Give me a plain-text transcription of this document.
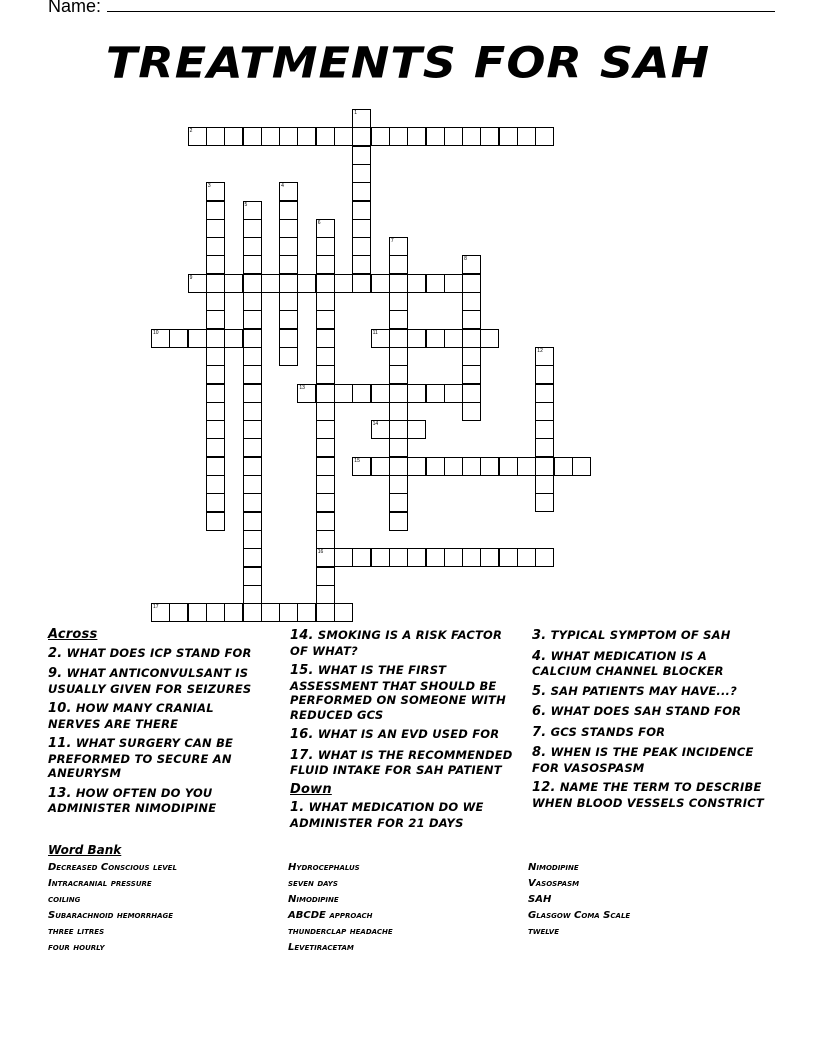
Name:
TREATMENTS FOR SAH
1
3	4
5
6
16
7
8
12
2
9
10	11
13
14
15
17
Across
2. WHAT DOES ICP STAND FOR
9. WHAT ANTICONVULSANT IS USUALLY GIVEN FOR SEIZURES
10. HOW MANY CRANIAL NERVES ARE THERE
11. WHAT SURGERY CAN BE PREFORMED TO SECURE AN ANEURYSM
13. HOW OFTEN DO YOU ADMINISTER NIMODIPINE
14. SMOKING IS A RISK FACTOR OF WHAT?
15. WHAT IS THE FIRST ASSESSMENT THAT SHOULD BE PERFORMED ON SOMEONE WITH REDUCED GCS
16. WHAT IS AN EVD USED FOR
17. WHAT IS THE RECOMMENDED FLUID INTAKE FOR SAH PATIENT
Down
1. WHAT MEDICATION DO WE ADMINISTER FOR 21 DAYS
3. TYPICAL SYMPTOM OF SAH
4. WHAT MEDICATION IS A CALCIUM CHANNEL BLOCKER
5. SAH PATIENTS MAY HAVE...?
6. WHAT DOES SAH STAND FOR
7. GCS STANDS FOR
8. WHEN IS THE PEAK INCIDENCE FOR VASOSPASM
12. NAME THE TERM TO DESCRIBE WHEN BLOOD VESSELS CONSTRICT
Word Bank
Decreased Conscious level
Intracranial pressure
coiling
Subarachnoid hemorrhage
three litres
four hourly
Hydrocephalus
seven days
Nimodipine
ABCDE approach
thunderclap headache
Levetiracetam
Nimodipine
Vasospasm
SAH
Glasgow Coma Scale
twelve
